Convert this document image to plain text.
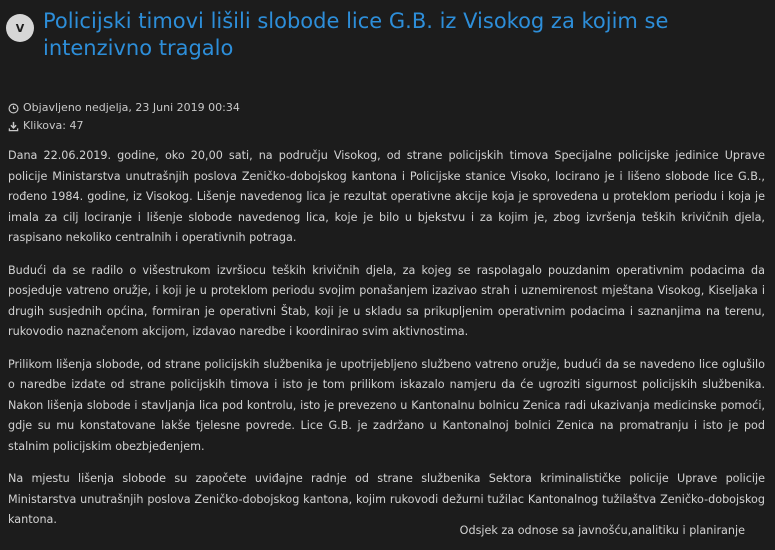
V Policijski timovi lišili slobode lice G.B. iz Visokog za kojim se intenzivno tragalo
Objavljeno nedjelja, 23 Juni 2019 00:34
Klikova: 47

Dana 22.06.2019. godine, oko 20,00 sati, na području Visokog, od strane policijskih timova Specijalne policijske jedinice Uprave policije Ministarstva unutrašnjih poslova Zeničko-dobojskog kantona i Policijske stanice Visoko, locirano je i lišeno slobode lice G.B., rođeno 1984. godine, iz Visokog. Lišenje navedenog lica je rezultat operativne akcije koja je sprovedena u proteklom periodu i koja je imala za cilj lociranje i lišenje slobode navedenog lica, koje je bilo u bjekstvu i za kojim je, zbog izvršenja teških krivičnih djela, raspisano nekoliko centralnih i operativnih potraga.

Budući da se radilo o višestrukom izvršiocu teških krivičnih djela, za kojeg se raspolagalo pouzdanim operativnim podacima da posjeduje vatreno oružje, i koji je u proteklom periodu svojim ponašanjem izazivao strah i uznemirenost mještana Visokog, Kiseljaka i drugih susjednih općina, formiran je operativni Štab, koji je u skladu sa prikupljenim operativnim podacima i saznanjima na terenu, rukovodio naznačenom akcijom, izdavao naredbe i koordinirao svim aktivnostima.

Prilikom lišenja slobode, od strane policijskih službenika je upotrijebljeno službeno vatreno oružje, budući da se navedeno lice oglušilo o naredbe izdate od strane policijskih timova i isto je tom prilikom iskazalo namjeru da će ugroziti sigurnost policijskih službenika. Nakon lišenja slobode i stavljanja lica pod kontrolu, isto je prevezeno u Kantonalnu bolnicu Zenica radi ukazivanja medicinske pomoći, gdje su mu konstatovane lakše tjelesne povrede. Lice G.B. je zadržano u Kantonalnoj bolnici Zenica na promatranju i isto je pod stalnim policijskim obezbjeđenjem.

Na mjestu lišenja slobode su započete uviđajne radnje od strane službenika Sektora kriminalističke policije Uprave policije Ministarstva unutrašnjih poslova Zeničko-dobojskog kantona, kojim rukovodi dežurni tužilac Kantonalnog tužilaštva Zeničko-dobojskog kantona.

Odsjek za odnose sa javnošću,analitiku i planiranje
